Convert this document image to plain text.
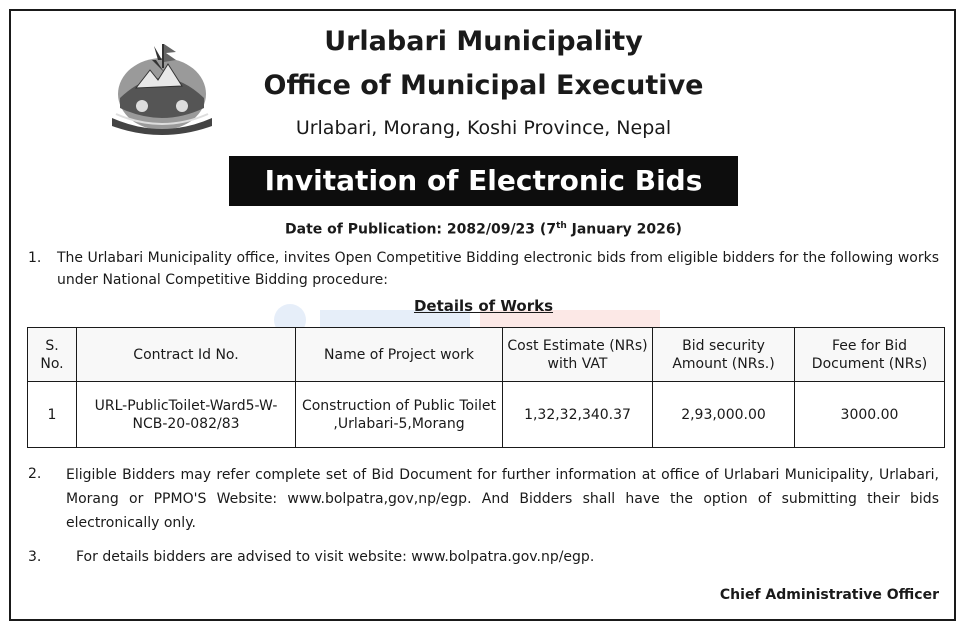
Urlabari Municipality
Office of Municipal Executive
Urlabari, Morang, Koshi Province, Nepal
Invitation of Electronic Bids
Date of Publication: 2082/09/23 (7th January 2026)
1. The Urlabari Municipality office, invites Open Competitive Bidding electronic bids from eligible bidders for the following works under National Competitive Bidding procedure:
Details of Works
S. No.	Contract Id No.	Name of Project work	Cost Estimate (NRs) with VAT	Bid security Amount (NRs.)	Fee for Bid Document (NRs)
1	URL-PublicToilet-Ward5-W-NCB-20-082/83	Construction of Public Toilet ,Urlabari-5,Morang	1,32,32,340.37	2,93,000.00	3000.00
2. Eligible Bidders may refer complete set of Bid Document for further information at office of Urlabari Municipality, Urlabari, Morang or PPMO'S Website: www.bolpatra,gov,np/egp. And Bidders shall have the option of submitting their bids electronically only.
3. For details bidders are advised to visit website: www.bolpatra.gov.np/egp.
Chief Administrative Officer
